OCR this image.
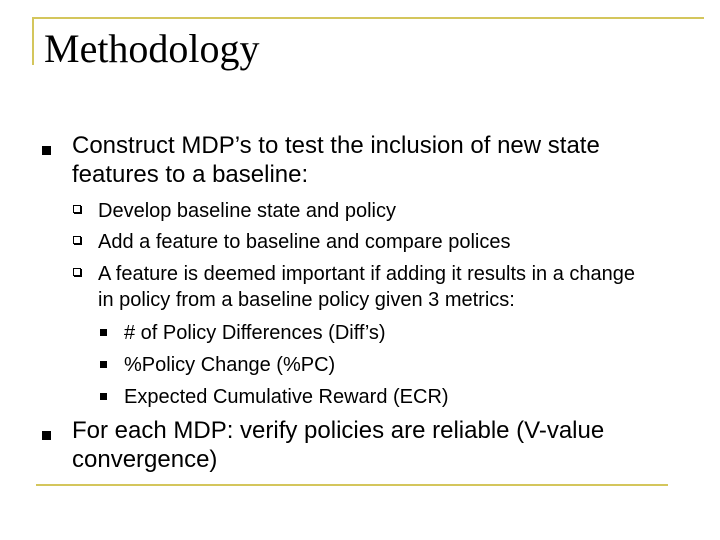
Methodology
Construct MDP’s to test the inclusion of new state features to a baseline:
Develop baseline state and policy
Add a feature to baseline and compare polices
A feature is deemed important if adding it results in a change in policy from a baseline policy given 3 metrics:
# of Policy Differences (Diff’s)
%Policy Change (%PC)
Expected Cumulative Reward (ECR)
For each MDP: verify policies are reliable (V-value convergence)
